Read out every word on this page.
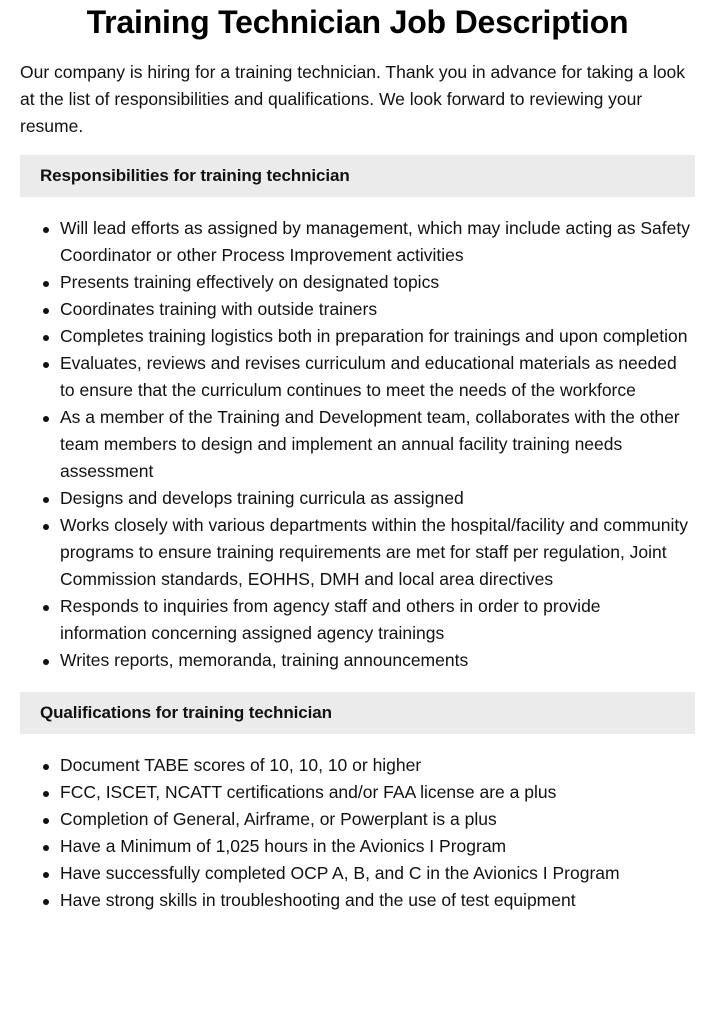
Training Technician Job Description

Our company is hiring for a training technician. Thank you in advance for taking a look at the list of responsibilities and qualifications. We look forward to reviewing your resume.

Responsibilities for training technician
Will lead efforts as assigned by management, which may include acting as Safety Coordinator or other Process Improvement activities
Presents training effectively on designated topics
Coordinates training with outside trainers
Completes training logistics both in preparation for trainings and upon completion
Evaluates, reviews and revises curriculum and educational materials as needed to ensure that the curriculum continues to meet the needs of the workforce
As a member of the Training and Development team, collaborates with the other team members to design and implement an annual facility training needs assessment
Designs and develops training curricula as assigned
Works closely with various departments within the hospital/facility and community programs to ensure training requirements are met for staff per regulation, Joint Commission standards, EOHHS, DMH and local area directives
Responds to inquiries from agency staff and others in order to provide information concerning assigned agency trainings
Writes reports, memoranda, training announcements
Qualifications for training technician
Document TABE scores of 10, 10, 10 or higher
FCC, ISCET, NCATT certifications and/or FAA license are a plus
Completion of General, Airframe, or Powerplant is a plus
Have a Minimum of 1,025 hours in the Avionics I Program
Have successfully completed OCP A, B, and C in the Avionics I Program
Have strong skills in troubleshooting and the use of test equipment
